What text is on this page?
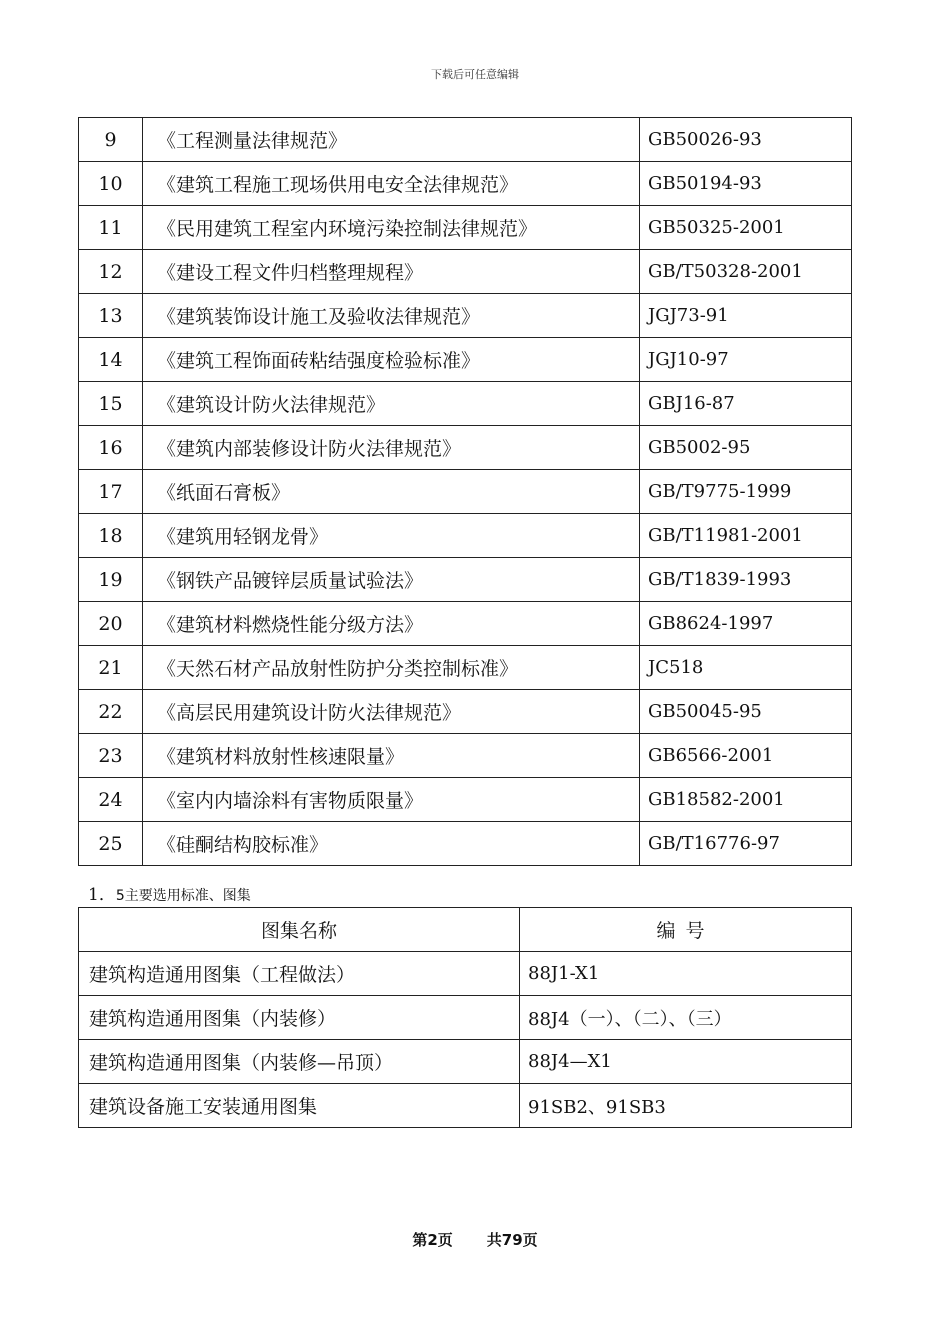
下载后可任意编辑
9	《工程测量法律规范》	GB50026-93
10	《建筑工程施工现场供用电安全法律规范》	GB50194-93
11	《民用建筑工程室内环境污染控制法律规范》	GB50325-2001
12	《建设工程文件归档整理规程》	GB/T50328-2001
13	《建筑装饰设计施工及验收法律规范》	JGJ73-91
14	《建筑工程饰面砖粘结强度检验标准》	JGJ10-97
15	《建筑设计防火法律规范》	GBJ16-87
16	《建筑内部装修设计防火法律规范》	GB5002-95
17	《纸面石膏板》	GB/T9775-1999
18	《建筑用轻钢龙骨》	GB/T11981-2001
19	《钢铁产品镀锌层质量试验法》	GB/T1839-1993
20	《建筑材料燃烧性能分级方法》	GB8624-1997
21	《天然石材产品放射性防护分类控制标准》	JC518
22	《高层民用建筑设计防火法律规范》	GB50045-95
23	《建筑材料放射性核速限量》	GB6566-2001
24	《室内内墙涂料有害物质限量》	GB18582-2001
25	《硅酮结构胶标准》	GB/T16776-97
1．5主要选用标准、图集
图集名称	编号
建筑构造通用图集（工程做法）	88J1-X1
建筑构造通用图集（内装修）	88J4（一）、（二）、（三）
建筑构造通用图集（内装修—吊顶）	88J4—X1
建筑设备施工安装通用图集	91SB2、91SB3
第2页 共79页
